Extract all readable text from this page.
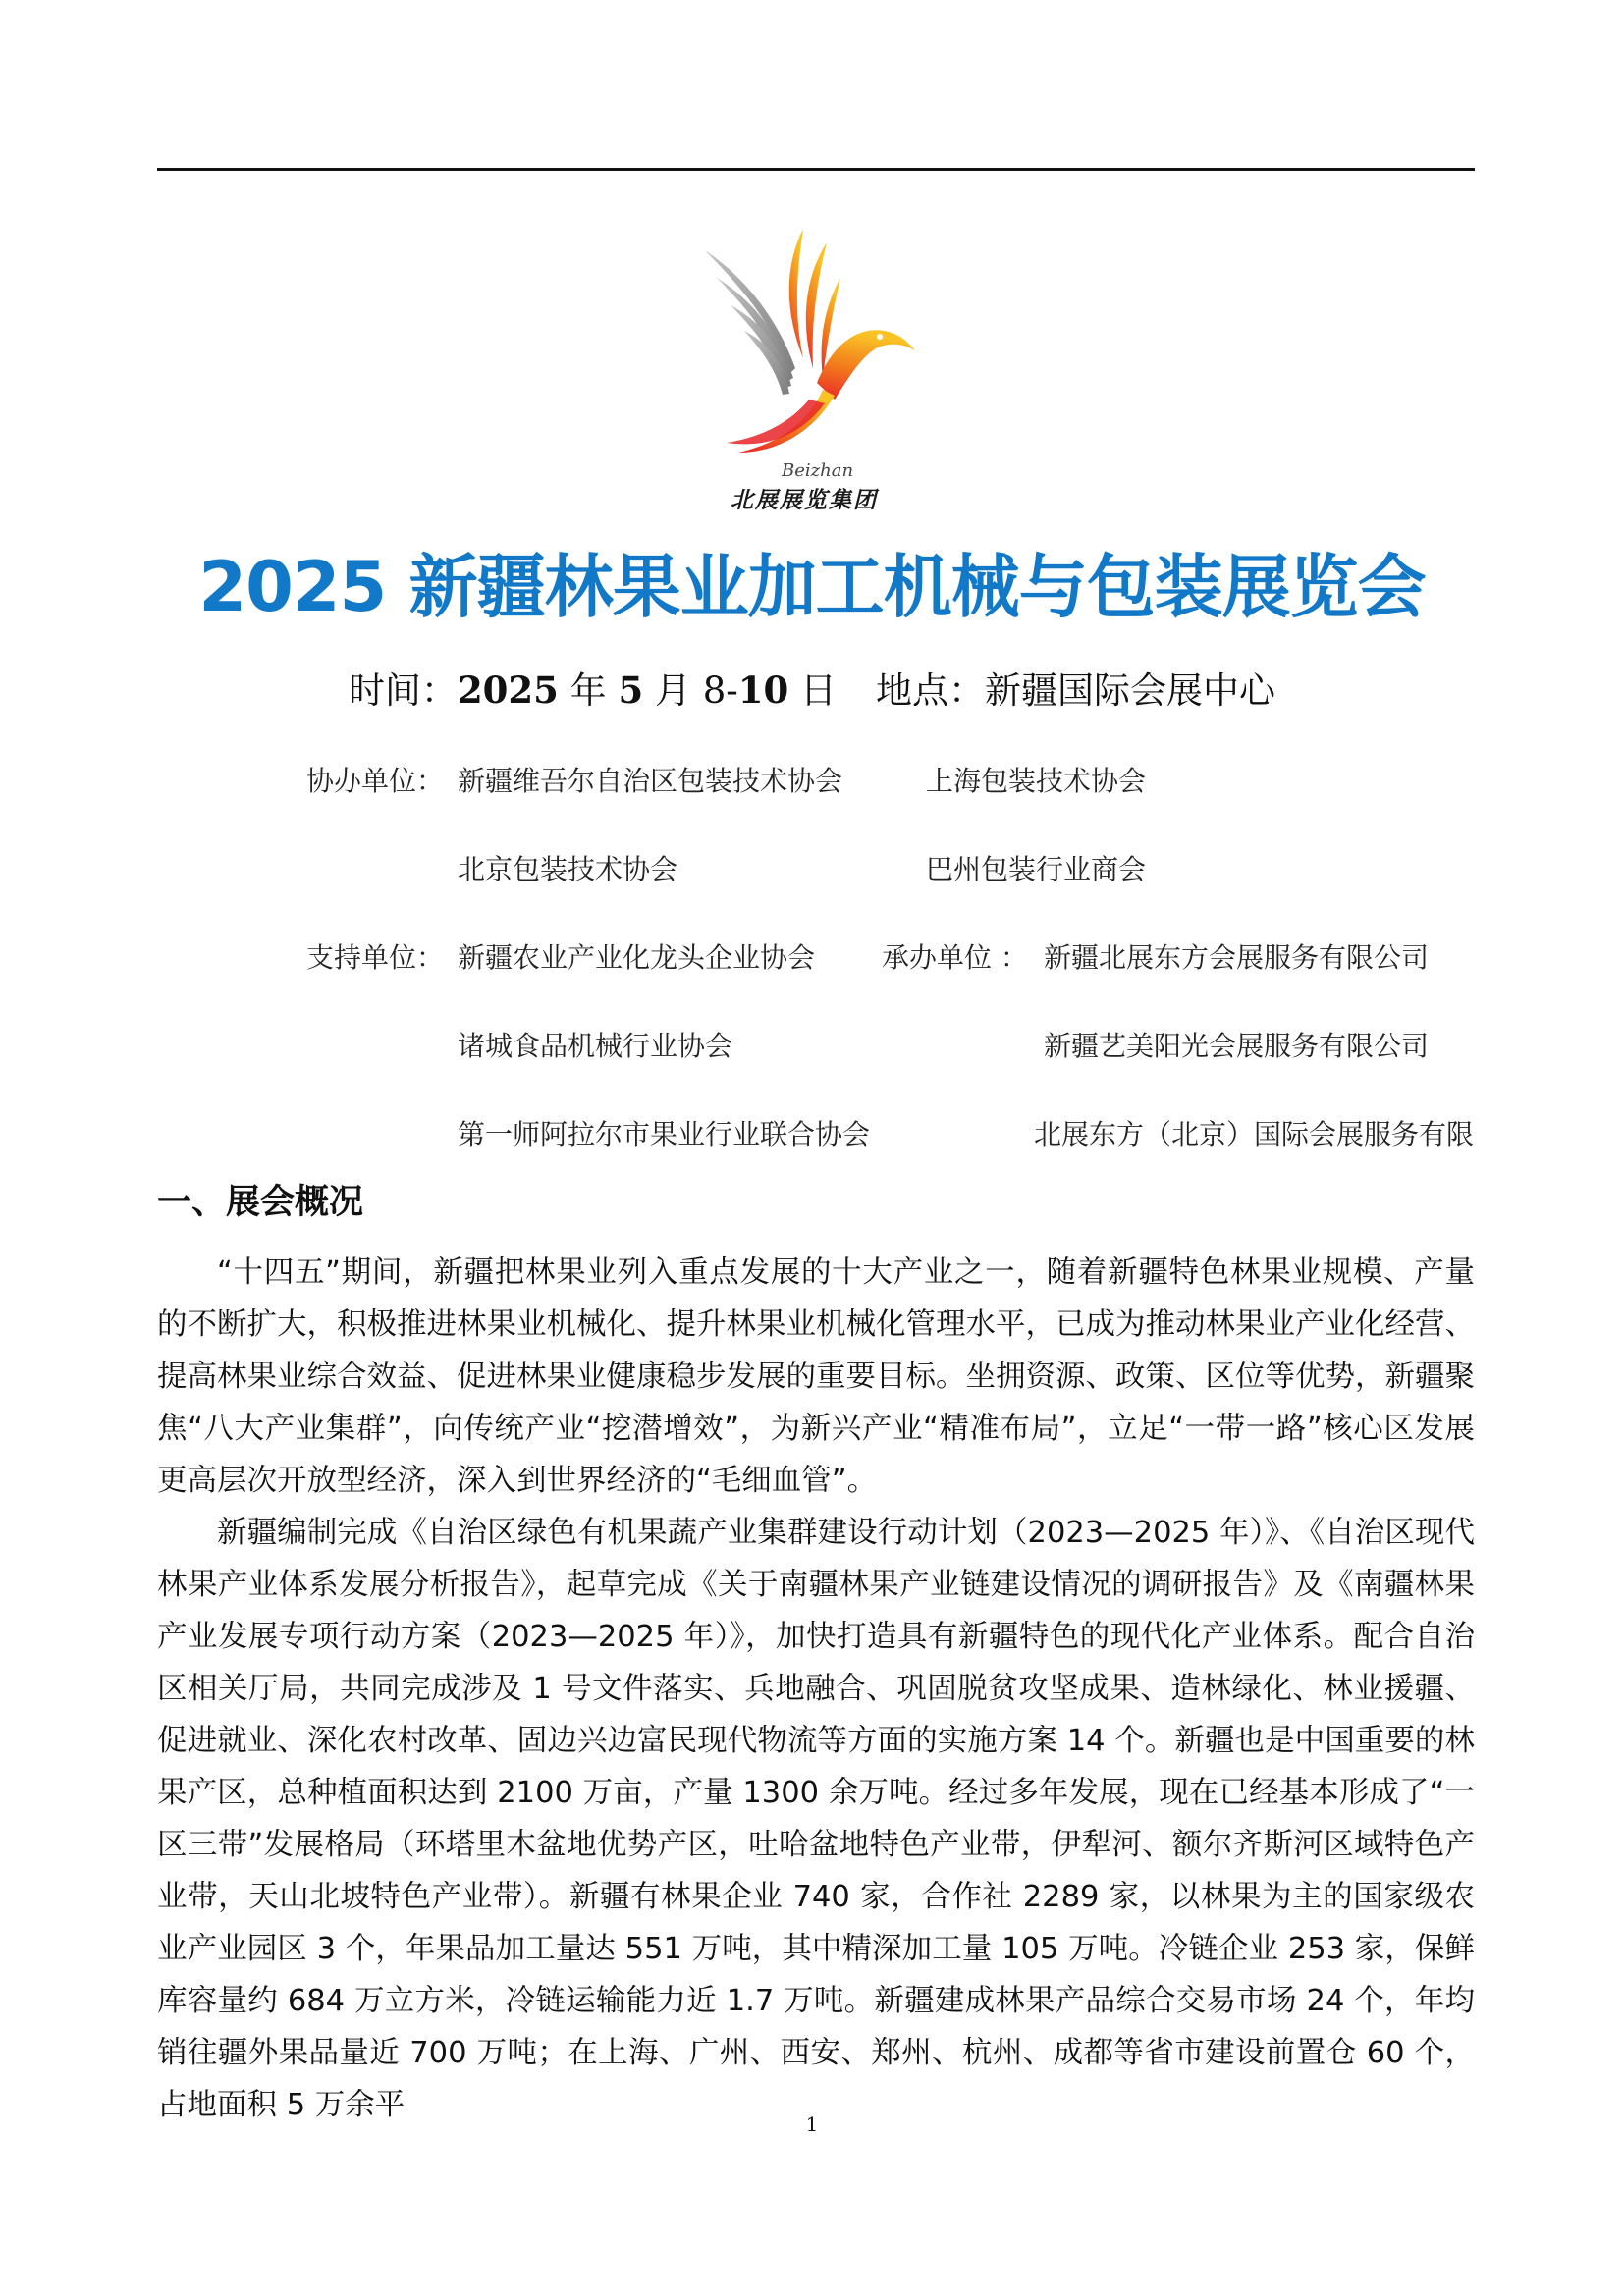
Beizhan
北展展览集团
2025 新疆林果业加工机械与包装展览会
时间：2025 年 5 月 8-10 日 地点：新疆国际会展中心
协办单位： 新疆维吾尔自治区包装技术协会	上海包装技术协会
北京包装技术协会	巴州包装行业商会
支持单位： 新疆农业产业化龙头企业协会 承办单位 ： 新疆北展东方会展服务有限公司
诸城食品机械行业协会	新疆艺美阳光会展服务有限公司
第一师阿拉尔市果业行业联合协会	北展东方（北京）国际会展服务有限
一、展会概况

“十四五”期间，新疆把林果业列入重点发展的十大产业之一，随着新疆特色林果业规模、产量的不断扩大，积极推进林果业机械化、提升林果业机械化管理水平，已成为推动林果业产业化经营、提高林果业综合效益、促进林果业健康稳步发展的重要目标。坐拥资源、政策、区位等优势，新疆聚焦“八大产业集群”，向传统产业“挖潜增效”，为新兴产业“精准布局”，立足“一带一路”核心区发展更高层次开放型经济，深入到世界经济的“毛细血管”。

新疆编制完成《自治区绿色有机果蔬产业集群建设行动计划（2023—2025 年）》、《自治区现代林果产业体系发展分析报告》，起草完成《关于南疆林果产业链建设情况的调研报告》及《南疆林果产业发展专项行动方案（2023—2025 年）》，加快打造具有新疆特色的现代化产业体系。配合自治区相关厅局，共同完成涉及 1 号文件落实、兵地融合、巩固脱贫攻坚成果、造林绿化、林业援疆、促进就业、深化农村改革、固边兴边富民现代物流等方面的实施方案 14 个。新疆也是中国重要的林果产区，总种植面积达到 2100 万亩，产量 1300 余万吨。经过多年发展，现在已经基本形成了“一区三带”发展格局（环塔里木盆地优势产区，吐哈盆地特色产业带，伊犁河、额尔齐斯河区域特色产业带，天山北坡特色产业带）。新疆有林果企业 740 家，合作社 2289 家，以林果为主的国家级农业产业园区 3 个，年果品加工量达 551 万吨，其中精深加工量 105 万吨。冷链企业 253 家，保鲜库容量约 684 万立方米，冷链运输能力近 1.7 万吨。新疆建成林果产品综合交易市场 24 个，年均销往疆外果品量近 700 万吨；在上海、广州、西安、郑州、杭州、成都等省市建设前置仓 60 个，占地面积 5 万余平

1
